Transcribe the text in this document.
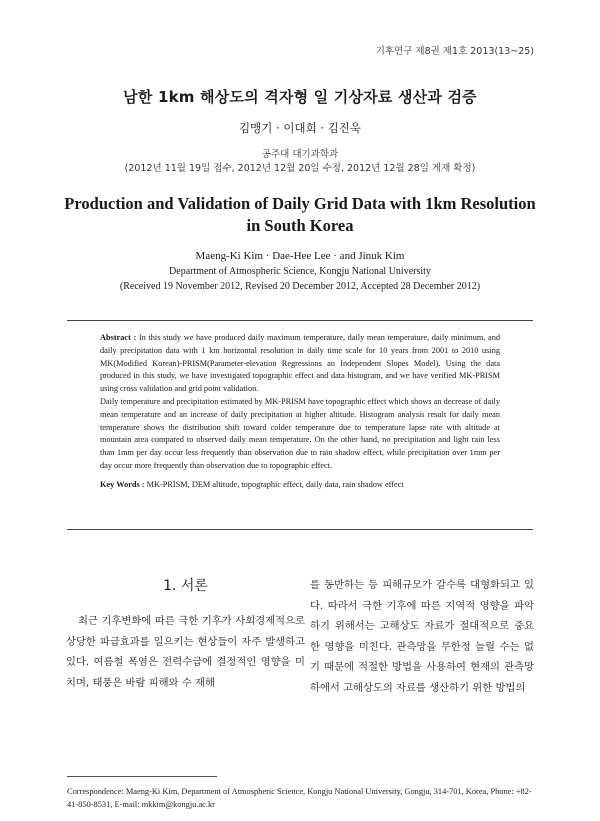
기후연구 제8권 제1호 2013(13~25)
남한 1km 해상도의 격자형 일 기상자료 생산과 검증
김맹기 · 이대희 · 김진욱
공주대 대기과학과
(2012년 11월 19일 접수, 2012년 12월 20일 수정, 2012년 12월 28일 게재 확정)
Production and Validation of Daily Grid Data with 1km Resolution in South Korea
Maeng-Ki Kim · Dae-Hee Lee · and Jinuk Kim
Department of Atmospheric Science, Kongju National University
(Received 19 November 2012, Revised 20 December 2012, Accepted 28 December 2012)

Abstract : In this study we have produced daily maximum temperature, daily mean temperature, daily minimum, and daily precipitation data with 1 km horizontal resolution in daily time scale for 10 years from 2001 to 2010 using MK(Modified Korean)-PRISM(Parameter-elevation Regressions an Independent Slopes Model). Using the data produced in this study, we have investigated topographic effect and data histogram, and we have verified MK-PRISM using cross validation and grid point validation.

Daily temperature and precipitation estimated by MK-PRISM have topographic effect which shows an decrease of daily mean temperature and an increase of daily precipitation at higher altitude. Histogram analysis result for daily mean temperature shows the distribution shift toward colder temperature due to temperature lapse rate with altitude at mountain area compared to observed daily mean temperature. On the other hand, no precipitation and light rain less than 1mm per day occur less frequently than observation due to rain shadow effect, while precipitation over 1mm per day occur more frequently than observation due to topographic effect.

Key Words : MK-PRISM, DEM altitude, topographic effect, daily data, rain shadow effect

1. 서론

최근 기후변화에 따른 극한 기후가 사회경제적으로 상당한 파급효과를 일으키는 현상들이 자주 발생하고 있다. 여름철 폭염은 전력수급에 결정적인 영향을 미치며, 태풍은 바람 피해와 수 재해

를 동반하는 등 피해규모가 갈수록 대형화되고 있다. 따라서 극한 기후에 따른 지역적 영향을 파악하기 위해서는 고해상도 자료가 절대적으로 중요한 영향을 미친다. 관측망을 무한정 늘릴 수는 없기 때문에 적절한 방법을 사용하여 현재의 관측망 하에서 고해상도의 자료를 생산하기 위한 방법의

Correspondence: Maeng-Ki Kim, Department of Atmospheric Science, Kongju National University, Gongju, 314-701, Korea, Phone: +82-41-850-8531, E-mail: mkkim@kongju.ac.kr
